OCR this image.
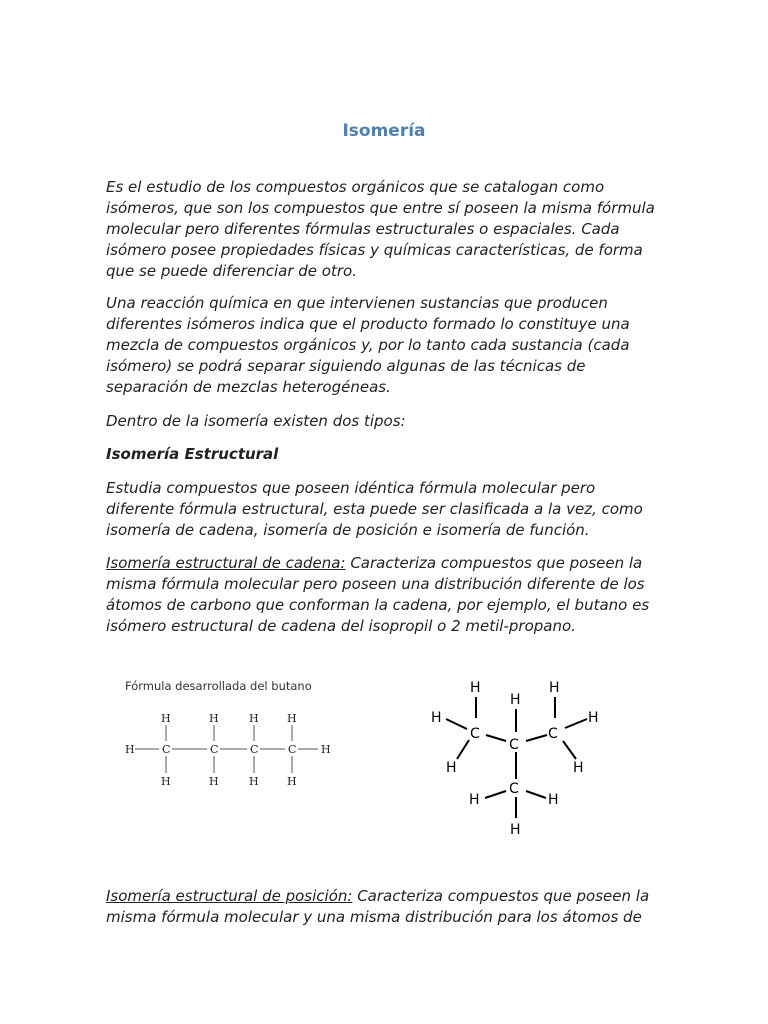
Isomería

Es el estudio de los compuestos orgánicos que se catalogan como isómeros, que son los compuestos que entre sí poseen la misma fórmula molecular pero diferentes fórmulas estructurales o espaciales. Cada isómero posee propiedades físicas y químicas características, de forma que se puede diferenciar de otro.

Una reacción química en que intervienen sustancias que producen diferentes isómeros indica que el producto formado lo constituye una mezcla de compuestos orgánicos y, por lo tanto cada sustancia (cada isómero) se podrá separar siguiendo algunas de las técnicas de separación de mezclas heterogéneas.

Dentro de la isomería existen dos tipos:

Isomería Estructural

Estudia compuestos que poseen idéntica fórmula molecular pero diferente fórmula estructural, esta puede ser clasificada a la vez, como isomería de cadena, isomería de posición e isomería de función.

Isomería estructural de cadena: Caracteriza compuestos que poseen la misma fórmula molecular pero poseen una distribución diferente de los átomos de carbono que conforman la cadena, por ejemplo, el butano es isómero estructural de cadena del isopropil o 2 metil-propano.

Isomería estructural de posición: Caracteriza compuestos que poseen la misma fórmula molecular y una misma distribución para los átomos de

Fórmula desarrollada del butano
H	H	H	H
H C	C	C	C H
H	H	H	H
H
H
H
H
C
C
C
H
H	H
H
C
H
H
